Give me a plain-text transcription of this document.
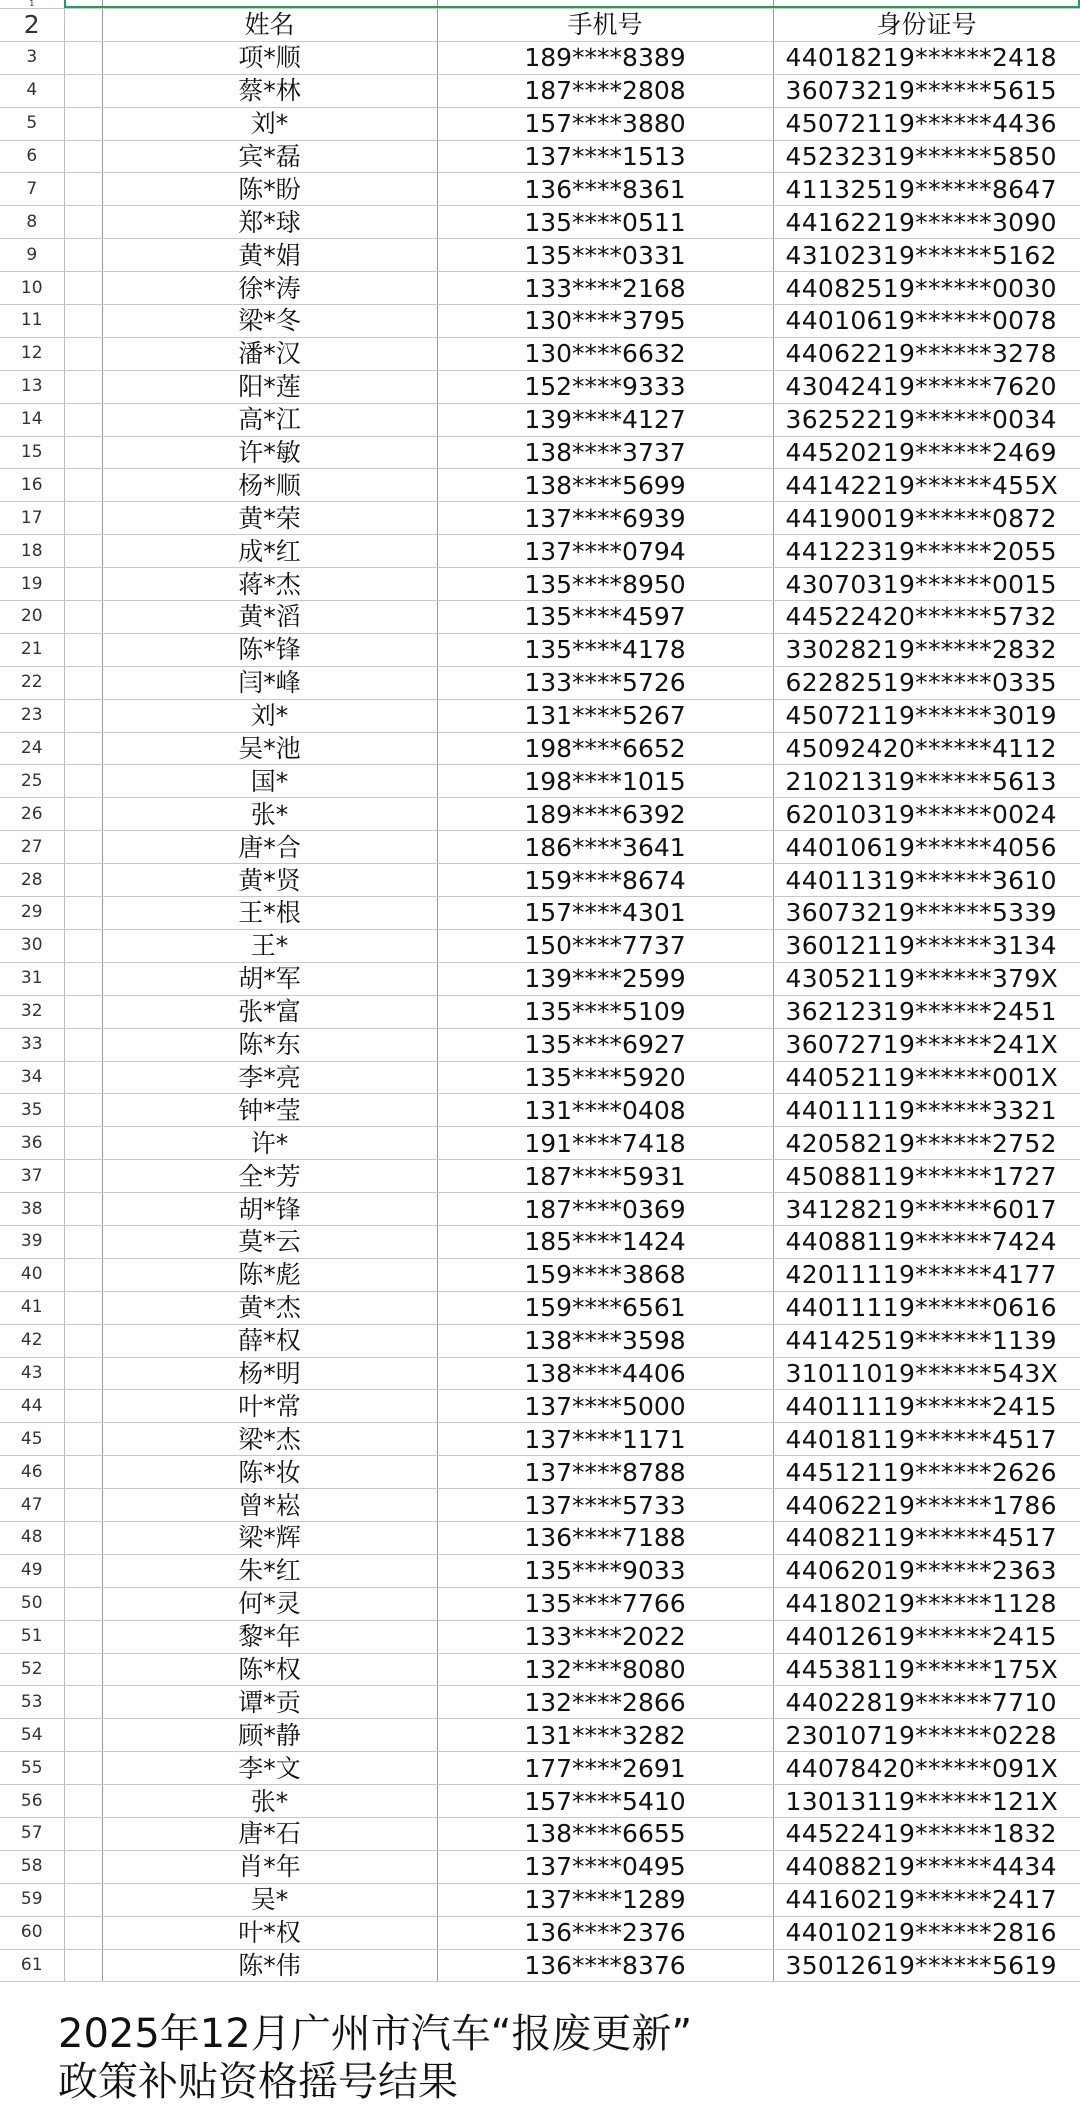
1				
2		姓名	手机号	身份证号
3		项*顺	189****8389	44018219******2418
4		蔡*林	187****2808	36073219******5615
5		刘*	157****3880	45072119******4436
6		宾*磊	137****1513	45232319******5850
7		陈*盼	136****8361	41132519******8647
8		郑*球	135****0511	44162219******3090
9		黄*娟	135****0331	43102319******5162
10		徐*涛	133****2168	44082519******0030
11		梁*冬	130****3795	44010619******0078
12		潘*汉	130****6632	44062219******3278
13		阳*莲	152****9333	43042419******7620
14		高*江	139****4127	36252219******0034
15		许*敏	138****3737	44520219******2469
16		杨*顺	138****5699	44142219******455X
17		黄*荣	137****6939	44190019******0872
18		成*红	137****0794	44122319******2055
19		蒋*杰	135****8950	43070319******0015
20		黄*滔	135****4597	44522420******5732
21		陈*锋	135****4178	33028219******2832
22		闫*峰	133****5726	62282519******0335
23		刘*	131****5267	45072119******3019
24		吴*池	198****6652	45092420******4112
25		国*	198****1015	21021319******5613
26		张*	189****6392	62010319******0024
27		唐*合	186****3641	44010619******4056
28		黄*贤	159****8674	44011319******3610
29		王*根	157****4301	36073219******5339
30		王*	150****7737	36012119******3134
31		胡*军	139****2599	43052119******379X
32		张*富	135****5109	36212319******2451
33		陈*东	135****6927	36072719******241X
34		李*亮	135****5920	44052119******001X
35		钟*莹	131****0408	44011119******3321
36		许*	191****7418	42058219******2752
37		全*芳	187****5931	45088119******1727
38		胡*锋	187****0369	34128219******6017
39		莫*云	185****1424	44088119******7424
40		陈*彪	159****3868	42011119******4177
41		黄*杰	159****6561	44011119******0616
42		薛*权	138****3598	44142519******1139
43		杨*明	138****4406	31011019******543X
44		叶*常	137****5000	44011119******2415
45		梁*杰	137****1171	44018119******4517
46		陈*妆	137****8788	44512119******2626
47		曾*崧	137****5733	44062219******1786
48		梁*辉	136****7188	44082119******4517
49		朱*红	135****9033	44062019******2363
50		何*灵	135****7766	44180219******1128
51		黎*年	133****2022	44012619******2415
52		陈*权	132****8080	44538119******175X
53		谭*贡	132****2866	44022819******7710
54		顾*静	131****3282	23010719******0228
55		李*文	177****2691	44078420******091X
56		张*	157****5410	13013119******121X
57		唐*石	138****6655	44522419******1832
58		肖*年	137****0495	44088219******4434
59		吴*	137****1289	44160219******2417
60		叶*权	136****2376	44010219******2816
61		陈*伟	136****8376	35012619******5619
2025年12月广州市汽车“报废更新”
政策补贴资格摇号结果
